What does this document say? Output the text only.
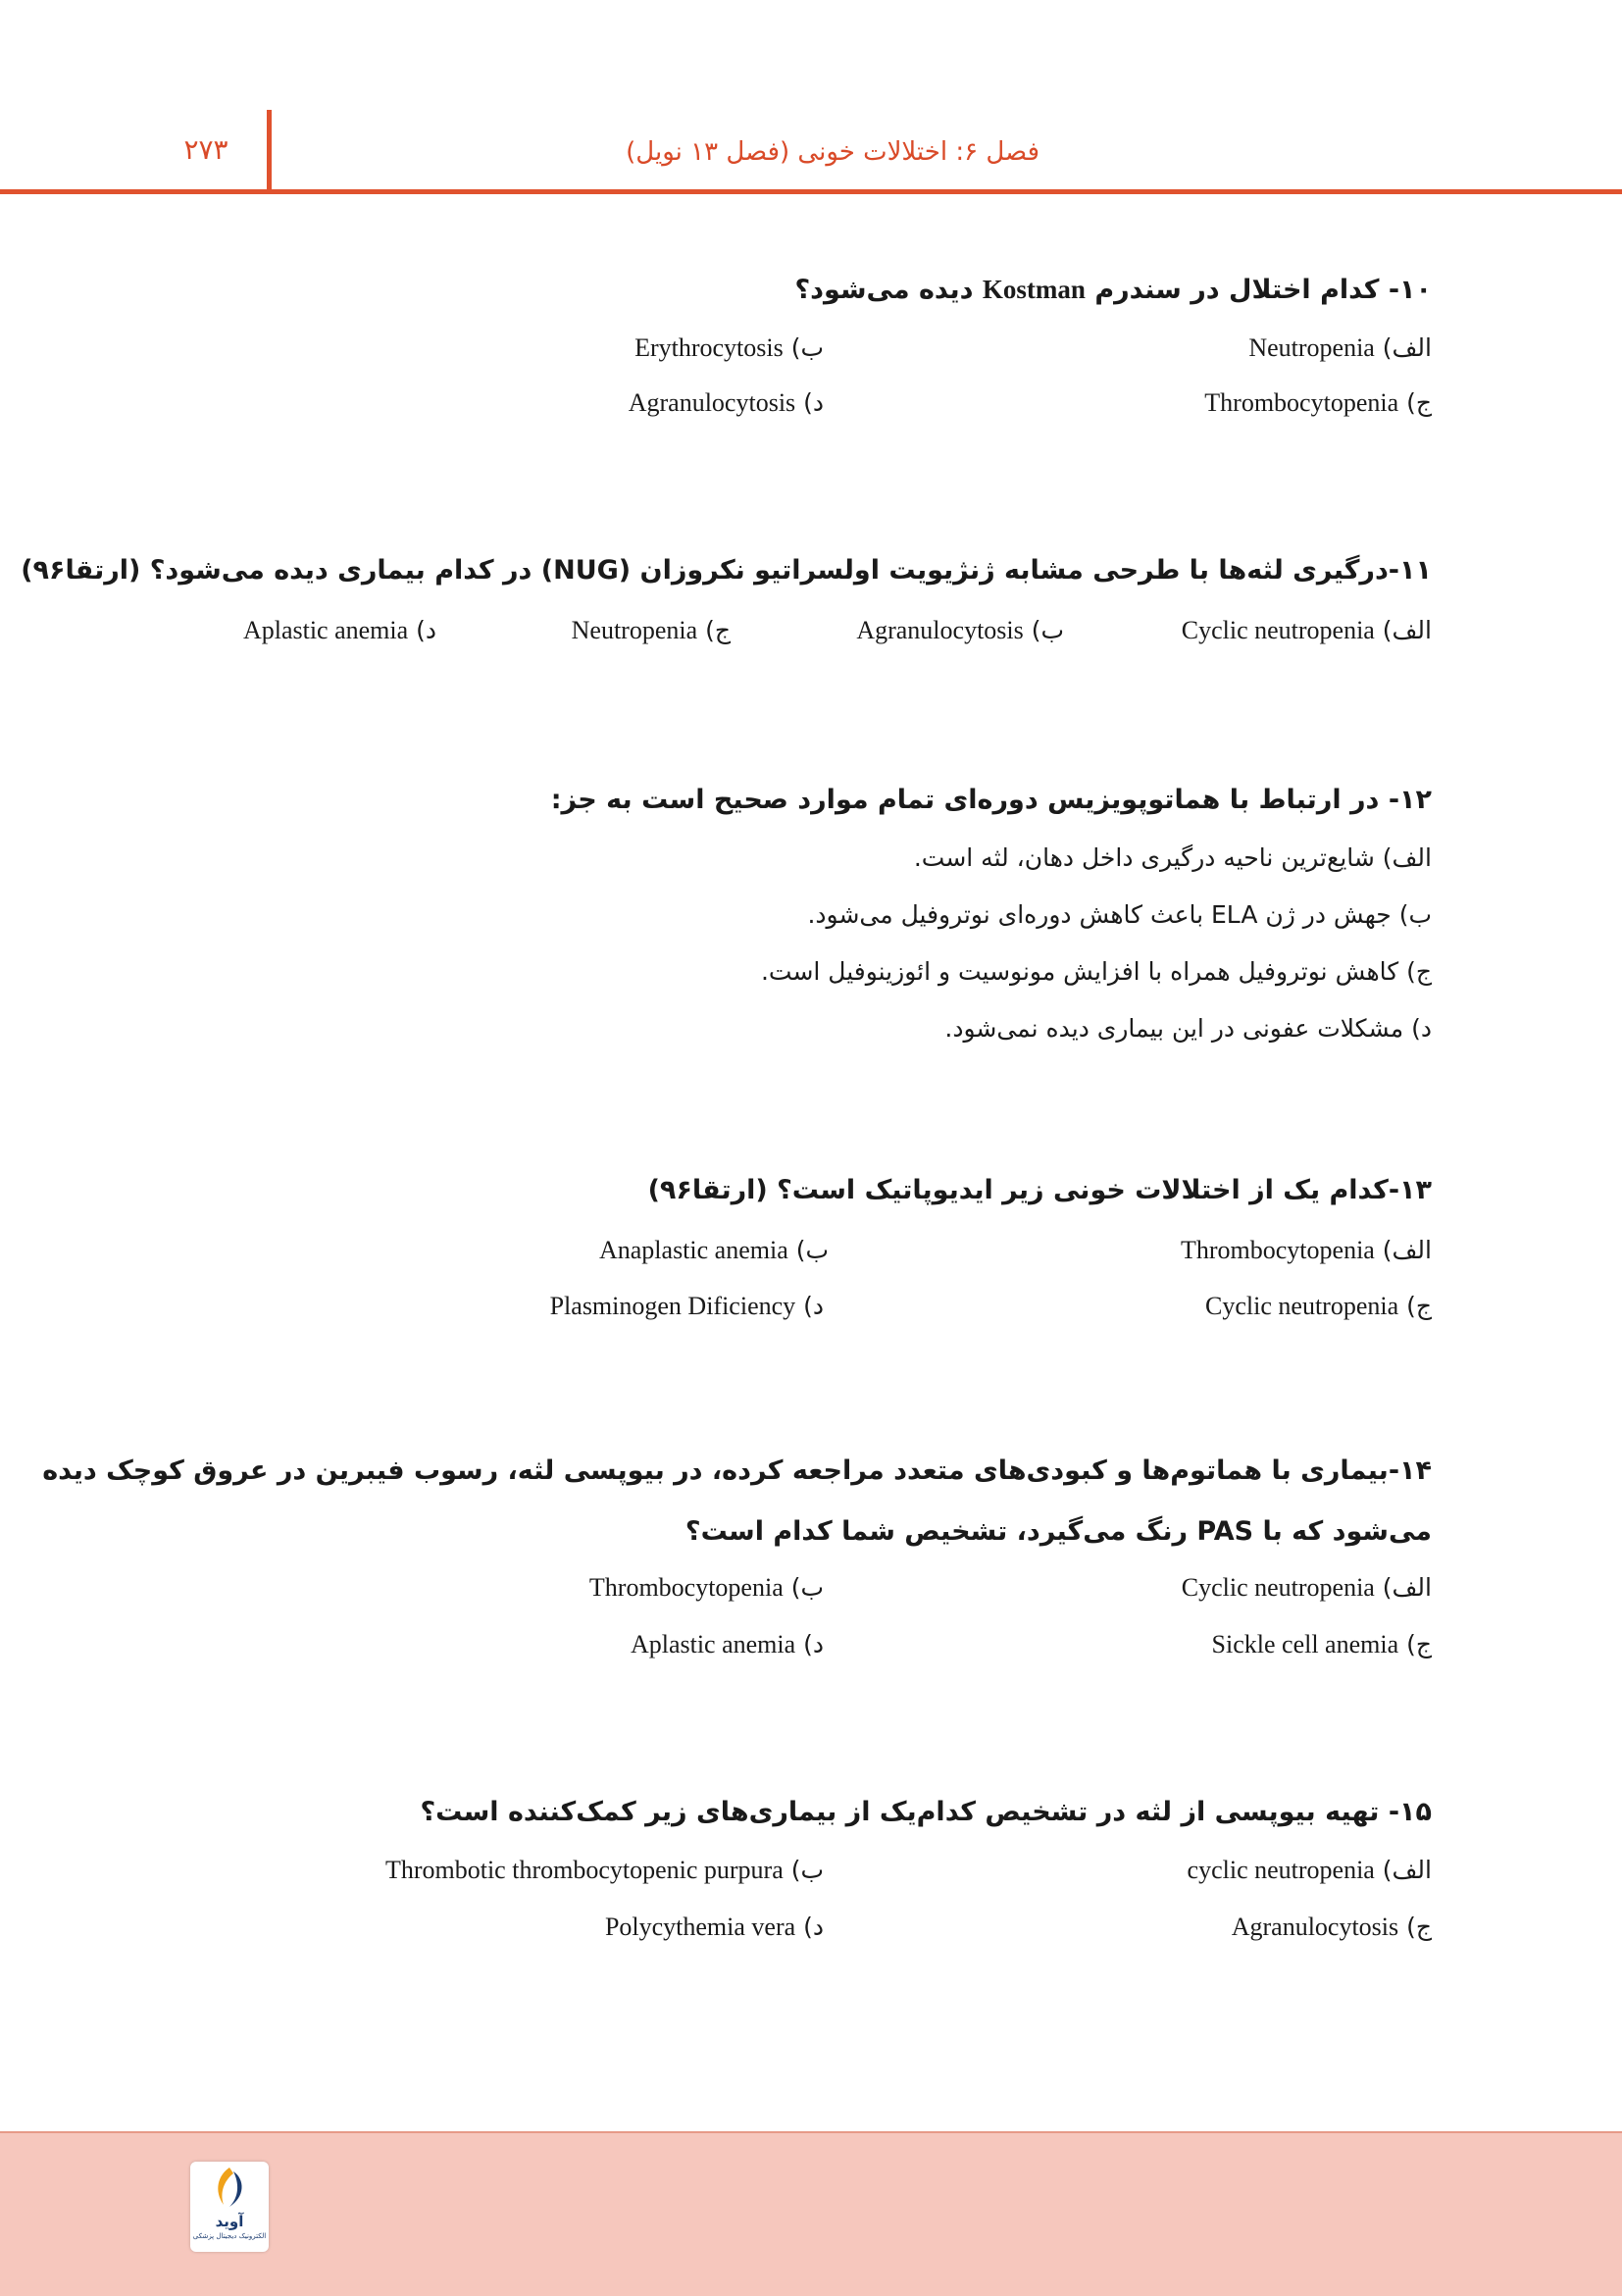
۲۷۳	فصل ۶: اختلالات خونی (فصل ۱۳ نویل)
۱۰- کدام اختلال در سندرم Kostman دیده می‌شود؟
الف) Neutropenia
ب) Erythrocytosis
ج) Thrombocytopenia
د) Agranulocytosis
۱۱-درگیری لثه‌ها با طرحی مشابه ژنژیویت اولسراتیو نکروزان (NUG) در کدام بیماری دیده می‌شود؟ (ارتقا۹۶)
الف) Cyclic neutropenia
ب) Agranulocytosis
ج) Neutropenia
د) Aplastic anemia
۱۲- در ارتباط با هماتوپویزیس دوره‌ای تمام موارد صحیح است به جز:
الف) شایع‌ترین ناحیه درگیری داخل دهان، لثه است.
ب) جهش در ژن ELA باعث کاهش دوره‌ای نوتروفیل می‌شود.
ج) کاهش نوتروفیل همراه با افزایش مونوسیت و ائوزینوفیل است.
د) مشکلات عفونی در این بیماری دیده نمی‌شود.
۱۳-کدام یک از اختلالات خونی زیر ایدیوپاتیک است؟ (ارتقا۹۶)
الف) Thrombocytopenia
ب) Anaplastic anemia
ج) Cyclic neutropenia
د) Plasminogen Dificiency
۱۴-بیماری با هماتوم‌ها و کبودی‌های متعدد مراجعه کرده، در بیوپسی لثه، رسوب فیبرین در عروق کوچک دیده
می‌شود که با PAS رنگ می‌گیرد، تشخیص شما کدام است؟
الف) Cyclic neutropenia
ب) Thrombocytopenia
ج) Sickle cell anemia
د) Aplastic anemia
۱۵- تهیه بیوپسی از لثه در تشخیص کدام‌یک از بیماری‌های زیر کمک‌کننده است؟
الف) cyclic neutropenia
ب) Thrombotic thrombocytopenic purpura
ج) Agranulocytosis
د) Polycythemia vera
آوید
الکترونیک دیجیتال پزشکی
